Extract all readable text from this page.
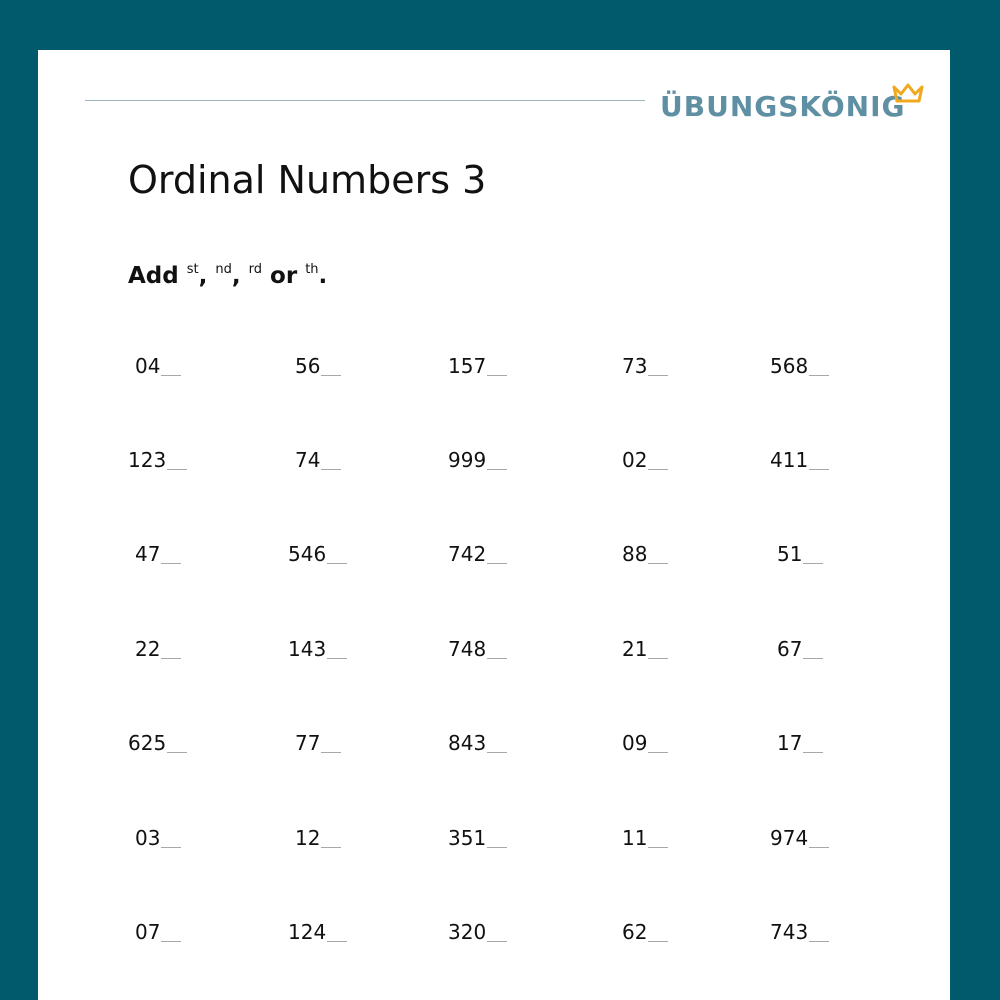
ÜBUNGSKÖNIG
Ordinal Numbers 3
Add $^{st}$, $^{nd}$, $^{rd}$ or $^{th}$.
04	56	157	73	568
123	74	999	02	411
47	546	742	88	51
22	143	748	21	67
625	77	843	09	17
03	12	351	11	974
07	124	320	62	743
